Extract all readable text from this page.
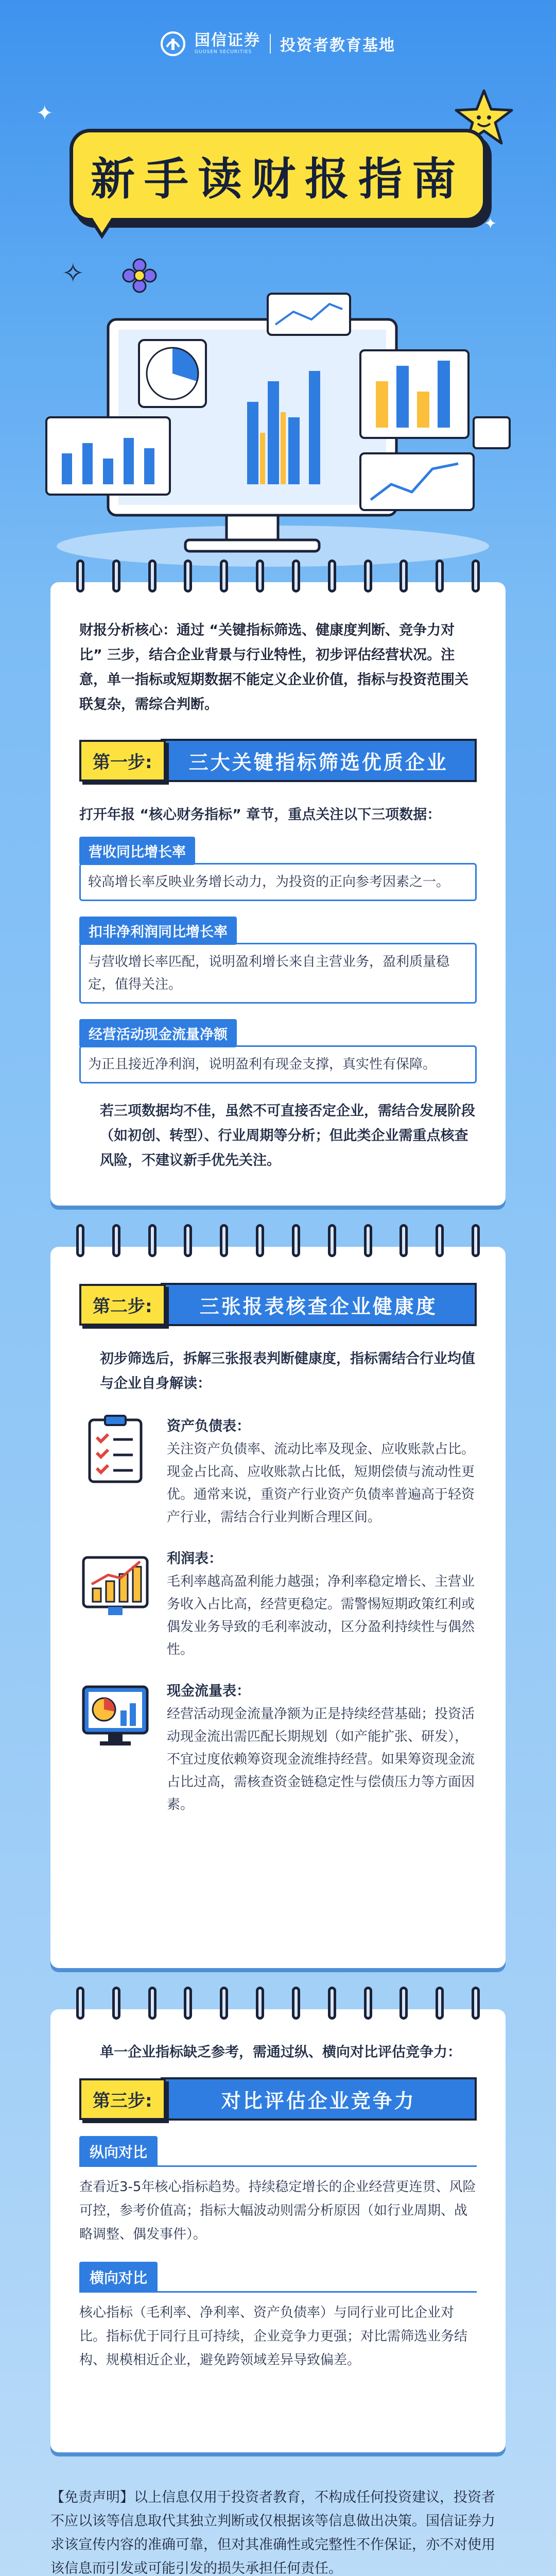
国信证券
GUOSEN SECURITIES	投资者教育基地
✦
✦
✧
新手读财报指南

财报分析核心：通过 “关键指标筛选、健康度判断、竞争力对比” 三步，结合企业背景与行业特性，初步评估经营状况。注意，单一指标或短期数据不能定义企业价值，指标与投资范围关联复杂，需综合判断。

第一步:	三大关键指标筛选优质企业

打开年报 “核心财务指标” 章节，重点关注以下三项数据：

营收同比增长率
较高增长率反映业务增长动力，为投资的正向参考因素之一。
扣非净利润同比增长率
与营收增长率匹配，说明盈利增长来自主营业务，盈利质量稳定，值得关注。
经营活动现金流量净额
为正且接近净利润，说明盈利有现金支撑，真实性有保障。

若三项数据均不佳，虽然不可直接否定企业，需结合发展阶段（如初创、转型）、行业周期等分析；但此类企业需重点核查风险，不建议新手优先关注。

第二步:	三张报表核查企业健康度

初步筛选后，拆解三张报表判断健康度，指标需结合行业均值与企业自身解读：

资产负债表：
关注资产负债率、流动比率及现金、应收账款占比。现金占比高、应收账款占比低，短期偿债与流动性更优。通常来说，重资产行业资产负债率普遍高于轻资产行业，需结合行业判断合理区间。
利润表：
毛利率越高盈利能力越强；净利率稳定增长、主营业务收入占比高，经营更稳定。需警惕短期政策红利或偶发业务导致的毛利率波动，区分盈利持续性与偶然性。
现金流量表：
经营活动现金流量净额为正是持续经营基础；投资活动现金流出需匹配长期规划（如产能扩张、研发），不宜过度依赖筹资现金流维持经营。如果筹资现金流占比过高，需核查资金链稳定性与偿债压力等方面因素。

单一企业指标缺乏参考，需通过纵、横向对比评估竞争力：

第三步:	对比评估企业竞争力
纵向对比

查看近3-5年核心指标趋势。持续稳定增长的企业经营更连贯、风险可控，参考价值高；指标大幅波动则需分析原因（如行业周期、战略调整、偶发事件）。

横向对比

核心指标（毛利率、净利率、资产负债率）与同行业可比企业对比。指标优于同行且可持续，企业竞争力更强；对比需筛选业务结构、规模相近企业，避免跨领域差异导致偏差。

【免责声明】以上信息仅用于投资者教育，不构成任何投资建议，投资者不应以该等信息取代其独立判断或仅根据该等信息做出决策。国信证券力求该宣传内容的准确可靠，但对其准确性或完整性不作保证，亦不对使用该信息而引发或可能引发的损失承担任何责任。
